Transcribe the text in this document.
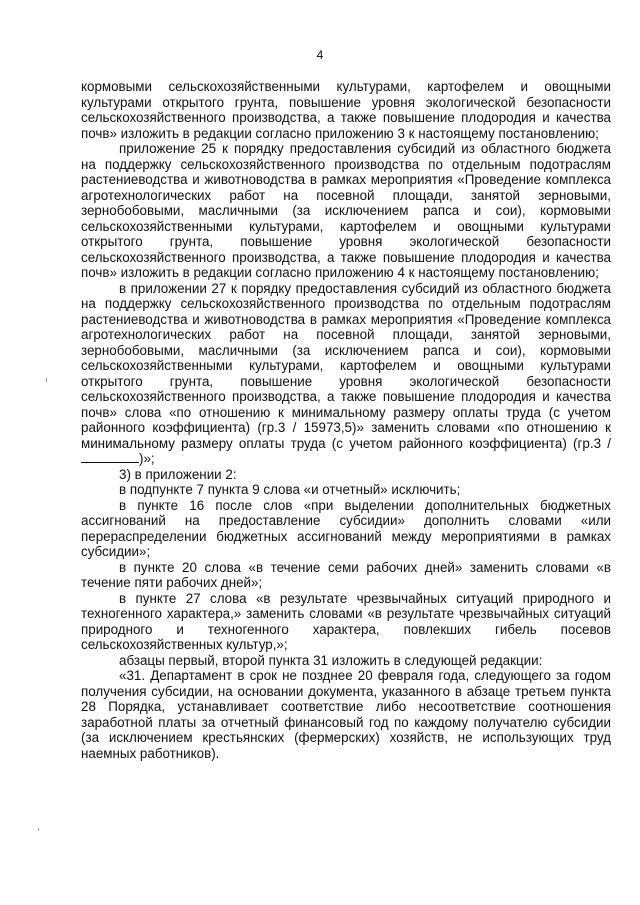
4

кормовыми сельскохозяйственными культурами, картофелем и овощными культурами открытого грунта, повышение уровня экологической безопасности сельскохозяйственного производства, а также повышение плодородия и качества почв» изложить в редакции согласно приложению 3 к настоящему постановлению;

приложение 25 к порядку предоставления субсидий из областного бюджета на поддержку сельскохозяйственного производства по отдельным подотраслям растениеводства и животноводства в рамках мероприятия «Проведение комплекса агротехнологических работ на посевной площади, занятой зерновыми, зернобобовыми, масличными (за исключением рапса и сои), кормовыми сельскохозяйственными культурами, картофелем и овощными культурами открытого грунта, повышение уровня экологической безопасности сельскохозяйственного производства, а также повышение плодородия и качества почв» изложить в редакции согласно приложению 4 к настоящему постановлению;

в приложении 27 к порядку предоставления субсидий из областного бюджета на поддержку сельскохозяйственного производства по отдельным подотраслям растениеводства и животноводства в рамках мероприятия «Проведение комплекса агротехнологических работ на посевной площади, занятой зерновыми, зернобобовыми, масличными (за исключением рапса и сои), кормовыми сельскохозяйственными культурами, картофелем и овощными культурами открытого грунта, повышение уровня экологической безопасности сельскохозяйственного производства, а также повышение плодородия и качества почв» слова «по отношению к минимальному размеру оплаты труда (с учетом районного коэффициента) (гр.3 / 15973,5)» заменить словами «по отношению к минимальному размеру оплаты труда (с учетом районного коэффициента) (гр.3 / )»;

3) в приложении 2:

в подпункте 7 пункта 9 слова «и отчетный» исключить;

в пункте 16 после слов «при выделении дополнительных бюджетных ассигнований на предоставление субсидии» дополнить словами «или перераспределении бюджетных ассигнований между мероприятиями в рамках субсидии»;

в пункте 20 слова «в течение семи рабочих дней» заменить словами «в течение пяти рабочих дней»;

в пункте 27 слова «в результате чрезвычайных ситуаций природного и техногенного характера,» заменить словами «в результате чрезвычайных ситуаций природного и техногенного характера, повлекших гибель посевов сельскохозяйственных культур,»;

абзацы первый, второй пункта 31 изложить в следующей редакции:

«31. Департамент в срок не позднее 20 февраля года, следующего за годом получения субсидии, на основании документа, указанного в абзаце третьем пункта 28 Порядка, устанавливает соответствие либо несоответствие соотношения заработной платы за отчетный финансовый год по каждому получателю субсидии (за исключением крестьянских (фермерских) хозяйств, не использующих труд наемных работников).
